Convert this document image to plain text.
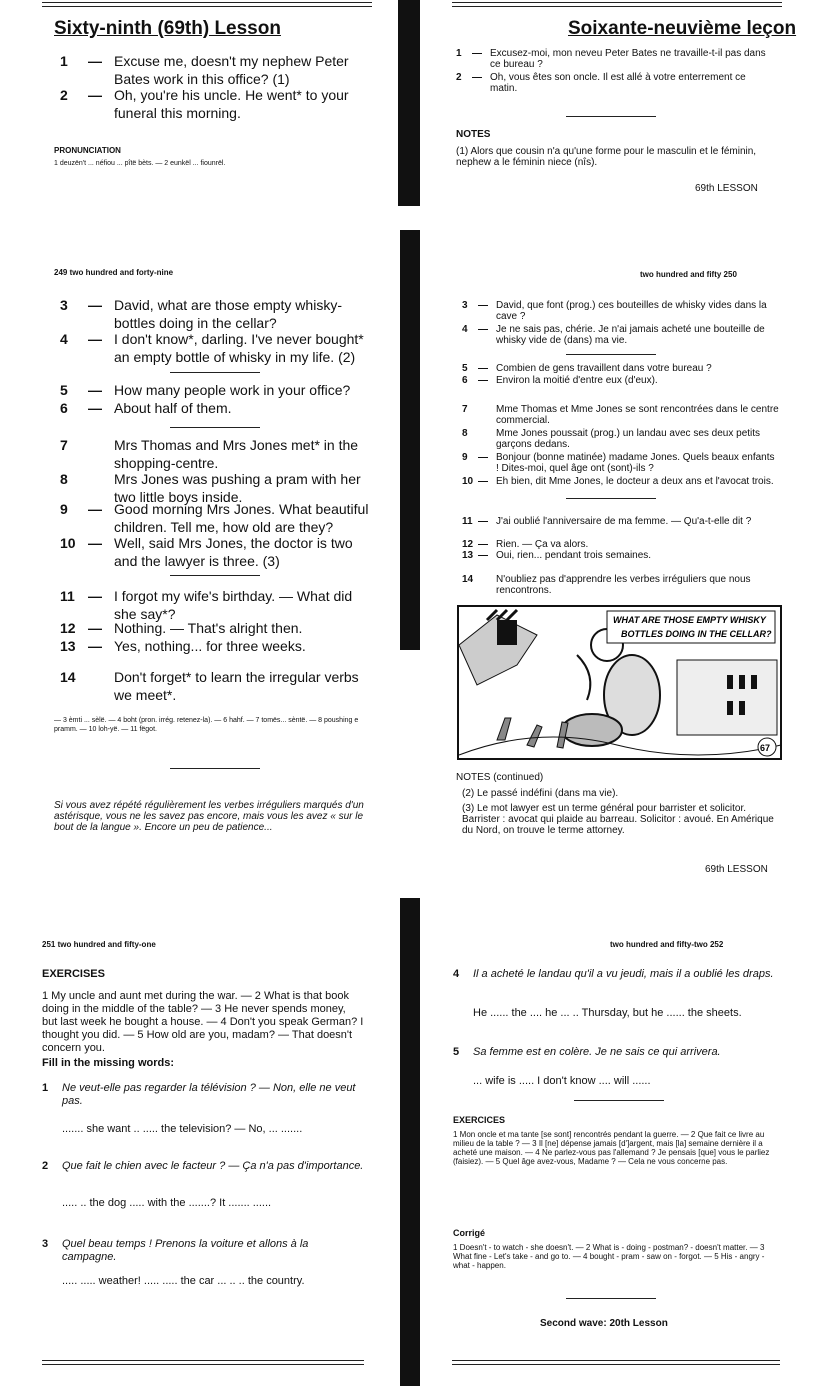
Sixty-ninth (69th) Lesson	Soixante-neuvième leçon
1	— Excuse me, doesn't my nephew Peter Bates work in this office? (1)
2	— Oh, you're his uncle. He went* to your funeral this morning.
PRONUNCIATION
1 deuzën't ... néfiou ... pîtë bèts. — 2 eunkël ... fiounrël.
1	— Excusez-moi, mon neveu Peter Bates ne travaille-t-il pas dans ce bureau ?
2	— Oh, vous êtes son oncle. Il est allé à votre enterrement ce matin.
NOTES
(1) Alors que cousin n'a qu'une forme pour le masculin et le féminin, nephew a le féminin niece (nîs).
69th LESSON
249 two hundred and forty-nine	two hundred and fifty 250
3	— David, what are those empty whisky-bottles doing in the cellar?
4	— I don't know*, darling. I've never bought* an empty bottle of whisky in my life. (2)
5	— How many people work in your office?
6	— About half of them.
7	Mrs Thomas and Mrs Jones met* in the shopping-centre.
8	Mrs Jones was pushing a pram with her two little boys inside.
9	— Good morning Mrs Jones. What beautiful children. Tell me, how old are they?
10 — Well, said Mrs Jones, the doctor is two and the lawyer is three. (3)
11 — I forgot my wife's birthday. — What did she say*?
12 — Nothing. — That's alright then.
13 — Yes, nothing... for three weeks.
14	Don't forget* to learn the irregular verbs we meet*.
— 3 èmti ... sèlë. — 4 boht (pron. irrég. retenez-la). — 6 hahf. — 7 tomës... sèntë. — 8 poushing e pramm. — 10 loh-yë. — 11 fëgot.
Si vous avez répété régulièrement les verbes irréguliers marqués d'un astérisque, vous ne les savez pas encore, mais vous les avez « sur le bout de la langue ». Encore un peu de patience...
3	— David, que font (prog.) ces bouteilles de whisky vides dans la cave ?
4	— Je ne sais pas, chérie. Je n'ai jamais acheté une bouteille de whisky vide de (dans) ma vie.
5	— Combien de gens travaillent dans votre bureau ?
6	— Environ la moitié d'entre eux (d'eux).
7	Mme Thomas et Mme Jones se sont rencontrées dans le centre commercial.
8	Mme Jones poussait (prog.) un landau avec ses deux petits garçons dedans.
9	— Bonjour (bonne matinée) madame Jones. Quels beaux enfants ! Dites-moi, quel âge ont (sont)-ils ?
10 — Eh bien, dit Mme Jones, le docteur a deux ans et l'avocat trois.
11 — J'ai oublié l'anniversaire de ma femme. — Qu'a-t-elle dit ?
12 — Rien. — Ça va alors.
13 — Oui, rien... pendant trois semaines.
14	N'oubliez pas d'apprendre les verbes irréguliers que nous rencontrons.
WHAT ARE THOSE EMPTY WHISKY
BOTTLES DOING IN THE CELLAR?
67
NOTES (continued)
(2) Le passé indéfini (dans ma vie).
(3) Le mot lawyer est un terme général pour barrister et solicitor. Barrister : avocat qui plaide au barreau. Solicitor : avoué. En Amérique du Nord, on trouve le terme attorney.
69th LESSON
251 two hundred and fifty-one	two hundred and fifty-two 252
EXERCISES
1 My uncle and aunt met during the war. — 2 What is that book doing in the middle of the table? — 3 He never spends money, but last week he bought a house. — 4 Don't you speak German? I thought you did. — 5 How old are you, madam? — That doesn't concern you.
Fill in the missing words:
1	Ne veut-elle pas regarder la télévision ? — Non, elle ne veut pas.
....... she want .. ..... the television? — No, ... .......
2	Que fait le chien avec le facteur ? — Ça n'a pas d'importance.
..... .. the dog ..... with the .......? It ....... ......
3	Quel beau temps ! Prenons la voiture et allons à la campagne.
..... ..... weather! ..... ..... the car ... .. .. the country.
4	Il a acheté le landau qu'il a vu jeudi, mais il a oublié les draps.
He ...... the .... he ... .. Thursday, but he ...... the sheets.
5	Sa femme est en colère. Je ne sais ce qui arrivera.
... wife is ..... I don't know .... will ......
EXERCICES
1 Mon oncle et ma tante [se sont] rencontrés pendant la guerre. — 2 Que fait ce livre au milieu de la table ? — 3 Il [ne] dépense jamais [d']argent, mais [la] semaine dernière il a acheté une maison. — 4 Ne parlez-vous pas l'allemand ? Je pensais [que] vous le parliez (faisiez). — 5 Quel âge avez-vous, Madame ? — Cela ne vous concerne pas.
Corrigé
1 Doesn't - to watch - she doesn't. — 2 What is - doing - postman? - doesn't matter. — 3 What fine - Let's take - and go to. — 4 bought - pram - saw on - forgot. — 5 His - angry - what - happen.
Second wave: 20th Lesson
